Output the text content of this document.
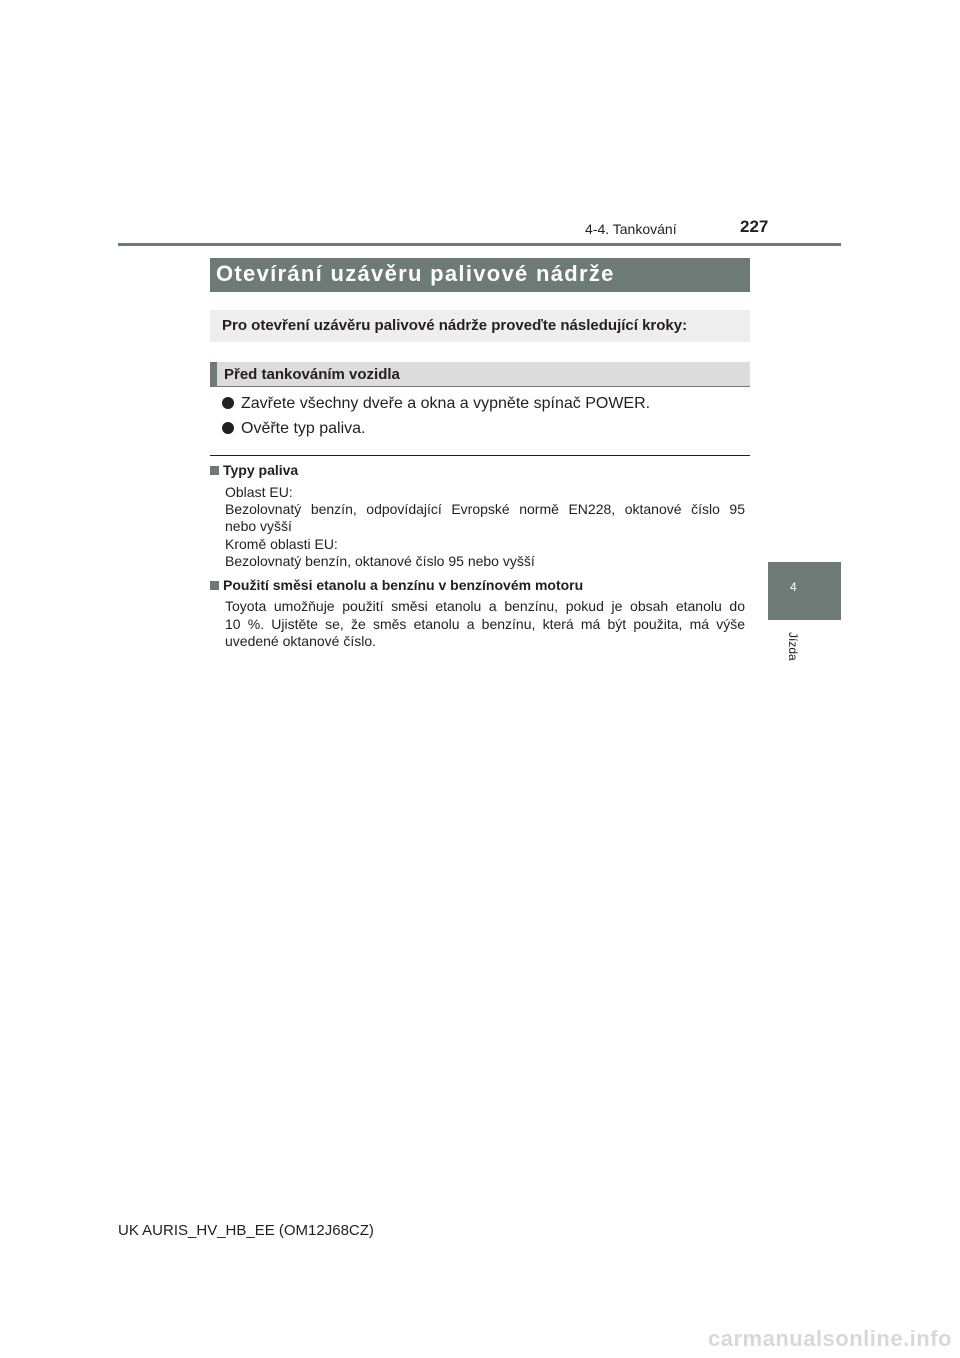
4-4. Tankování	227
4
Jízda
Otevírání uzávěru palivové nádrže
Pro otevření uzávěru palivové nádrže proveďte následující kroky:
Před tankováním vozidla
Zavřete všechny dveře a okna a vypněte spínač POWER.
Ověřte typ paliva.
Typy paliva
Oblast EU:
Bezolovnatý benzín, odpovídající Evropské normě EN228, oktanové číslo 95
nebo vyšší
Kromě oblasti EU:
Bezolovnatý benzín, oktanové číslo 95 nebo vyšší
Použití směsi etanolu a benzínu v benzínovém motoru
Toyota umožňuje použití směsi etanolu a benzínu, pokud je obsah etanolu do
10 %. Ujistěte se, že směs etanolu a benzínu, která má být použita, má výše
uvedené oktanové číslo.
UK AURIS_HV_HB_EE (OM12J68CZ)
carmanualsonline.info
